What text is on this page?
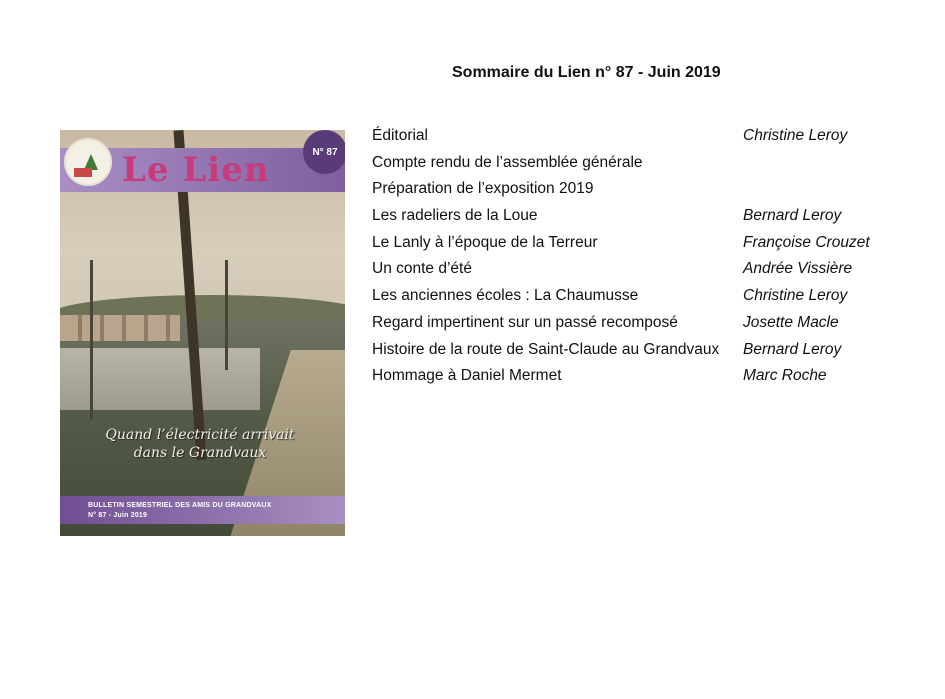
Sommaire du Lien n° 87 - Juin 2019
Le Lien	N° 87
Quand l’électricité arrivait
dans le Grandvaux
BULLETIN SEMESTRIEL DES AMIS DU GRANDVAUX
N° 87 - Juin 2019
Éditorial	Christine Leroy
Compte rendu de l’assemblée générale
Préparation de l’exposition 2019
Les radeliers de la Loue	Bernard Leroy
Le Lanly à l’époque de la Terreur	Françoise Crouzet
Un conte d’été	Andrée Vissière
Les anciennes écoles : La Chaumusse	Christine Leroy
Regard impertinent sur un passé recomposé	Josette Macle
Histoire de la route de Saint-Claude au Grandvaux Bernard Leroy
Hommage à Daniel Mermet	Marc Roche
